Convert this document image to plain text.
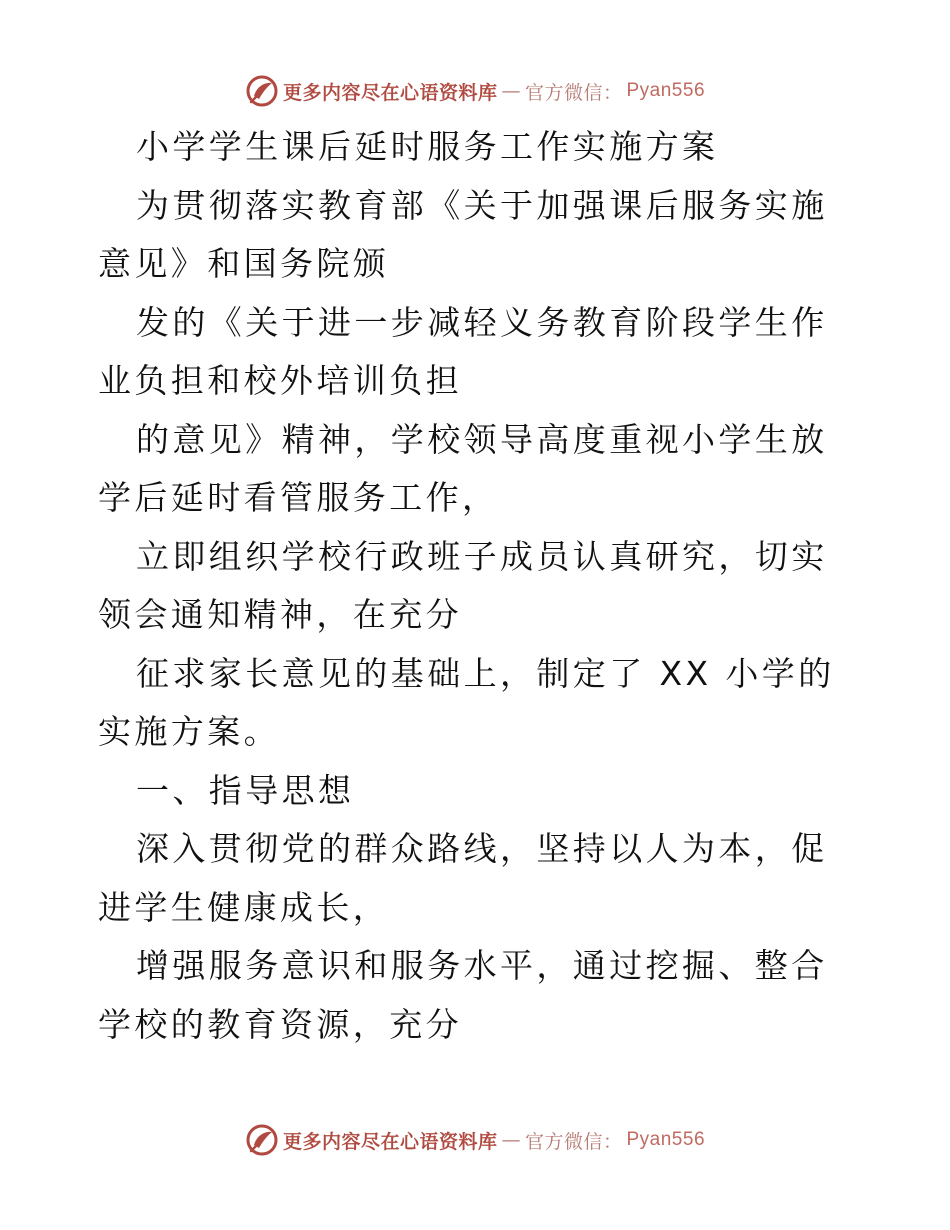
更多内容尽在心语资料库 — 官方微信： Pyan556

小学学生课后延时服务工作实施方案

为贯彻落实教育部《关于加强课后服务实施意见》和国务院颁

发的《关于进一步减轻义务教育阶段学生作业负担和校外培训负担

的意见》精神，学校领导高度重视小学生放学后延时看管服务工作，

立即组织学校行政班子成员认真研究，切实领会通知精神，在充分

征求家长意见的基础上，制定了 XX 小学的实施方案。

一、指导思想

深入贯彻党的群众路线，坚持以人为本，促进学生健康成长，

增强服务意识和服务水平，通过挖掘、整合学校的教育资源，充分

更多内容尽在心语资料库 — 官方微信： Pyan556
